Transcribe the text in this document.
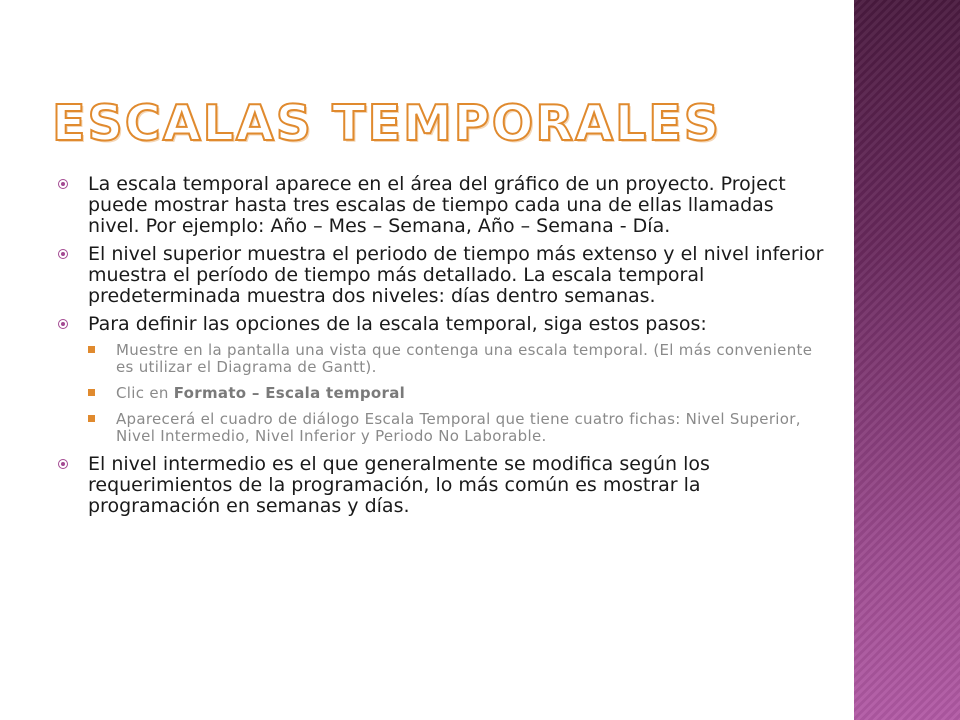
ESCALAS TEMPORALES
La escala temporal aparece en el área del gráfico de un proyecto. Project puede mostrar hasta tres escalas de tiempo cada una de ellas llamadas nivel. Por ejemplo: Año – Mes – Semana, Año – Semana - Día.
El nivel superior muestra el periodo de tiempo más extenso y el nivel inferior muestra el período de tiempo más detallado. La escala temporal predeterminada muestra dos niveles: días dentro semanas.
Para definir las opciones de la escala temporal, siga estos pasos:
Muestre en la pantalla una vista que contenga una escala temporal. (El más conveniente es utilizar el Diagrama de Gantt).
Clic en Formato – Escala temporal
Aparecerá el cuadro de diálogo Escala Temporal que tiene cuatro fichas: Nivel Superior, Nivel Intermedio, Nivel Inferior y Periodo No Laborable.
El nivel intermedio es el que generalmente se modifica según los requerimientos de la programación, lo más común es mostrar la programación en semanas y días.
